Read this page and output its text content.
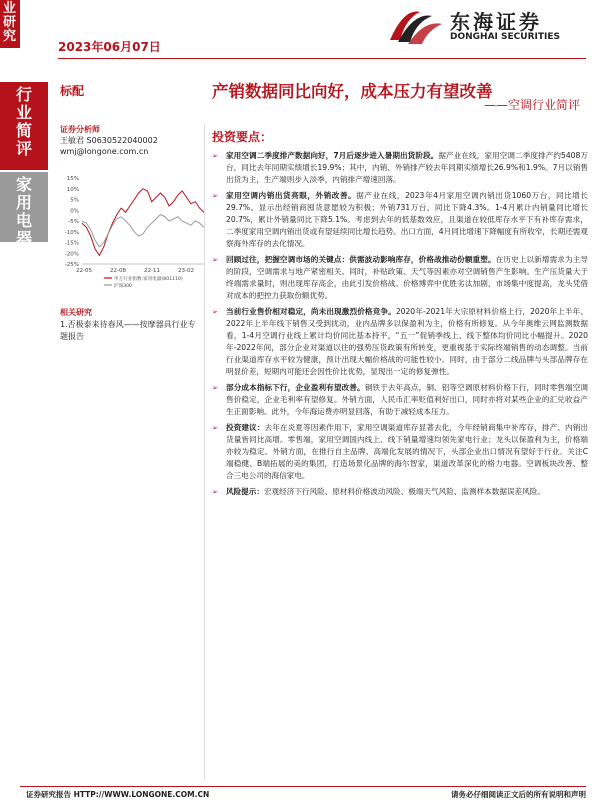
业研究
2023年06月07日
东海证券
DONGHAI SECURITIES
行业简评
家用电器
标配	产销数据同比向好，成本压力有望改善
——空调行业简评
证券分析师
王敏君 S0630522040002
wmj@longone.com.cn
15%
10%
5%
0%
-5%
-10%
-15%
-20%
-25%
22-05	22-08	22-11	23-02
申万行业指数:家用电器(801110)
沪深300
相关研究
1.否极泰来待春风——按摩器具行业专题报告
投资要点：
➢ 家用空调二季度排产数据向好，7月后逐步进入暑期出货阶段。据产业在线，家用空调二季度排产约5408万台，同比去年同期实绩增长19.9%；其中，内销、外销排产较去年同期实绩增长26.9%和1.9%。7月以销售出货为主，生产端则步入淡季，内销排产增速回落。
➢ 家用空调内销出货亮眼，外销改善。据产业在线，2023年4月家用空调内销出货1060万台，同比增长29.7%。显示出经销商囤货意愿较为积极；外销731万台，同比下降4.3%。1-4月累计内销量同比增长20.7%，累计外销量同比下降5.1%。考虑到去年的低基数效应，且渠道在较低库存水平下有补库存需求，二季度家用空调内销出货或有望延续同比增长趋势。出口方面，4月同比增速下降幅度有所收窄，长期还需观察海外库存的去化情况。
➢ 回顾过往，把握空调市场的关键点：供需波动影响库存，价格战推动份额重塑。在历史上以新增需求为主导的阶段，空调需求与地产紧密相关。同时，补贴政策、天气等因素亦对空调销售产生影响。生产压货量大于终端需求量时，则出现库存高企，由此引发价格战。价格博弈中优胜劣汰加剧，市场集中度提高，龙头凭借对成本的把控力获取份额优势。
➢ 当前行业售价相对稳定，尚未出现激烈价格竞争。2020年-2021年大宗原材料价格上行，2020年上半年、2022年上半年线下销售又受到扰动，业内品牌多以保盈利为主，价格有所修复。从今年奥维云网监测数据看，1-4月空调行业线上累计均价同比基本持平，“五一”促销季线上、线下整体均价同比小幅提升。2020年-2022年间，部分企业对渠道以往的强势压货政策有所转变，更重视基于实际终端销售的动态调整。当前行业渠道库存水平较为健康，预计出现大幅价格战的可能性较小。同时，由于部分二线品牌与头部品牌存在明显价差，短期内可能还会因性价比优势，显现出一定的修复弹性。
➢ 部分成本指标下行，企业盈利有望改善。铜铁于去年高点，铜、铝等空调原材料价格下行，同时零售端空调售价稳定，企业毛利率有望修复。外销方面，人民币汇率贬值利好出口，同时亦将对某些企业的汇兑收益产生正面影响。此外，今年海运费亦明显回落，有助于减轻成本压力。
➢ 投资建议：去年在炎夏等因素作用下，家用空调渠道库存显著去化，今年经销商集中补库存，排产、内销出货量皆同比高增。零售端，家用空调国内线上、线下销量增速均领先家电行业；龙头以保盈利为主，价格端亦较为稳定。外销方面，在推行自主品牌、高端化发展的情况下，头部企业出口情况有望好于行业。关注C端稳健、B端拓展的美的集团，打造场景化品牌的海尔智家，渠道改革深化的格力电器。空调板块改善、整合三电公司的海信家电。
➢ 风险提示：宏观经济下行风险、原材料价格波动风险、极端天气风险、监测样本数据误差风险。
证券研究报告 HTTP://WWW.LONGONE.COM.CN	请务必仔细阅读正文后的所有说明和声明
